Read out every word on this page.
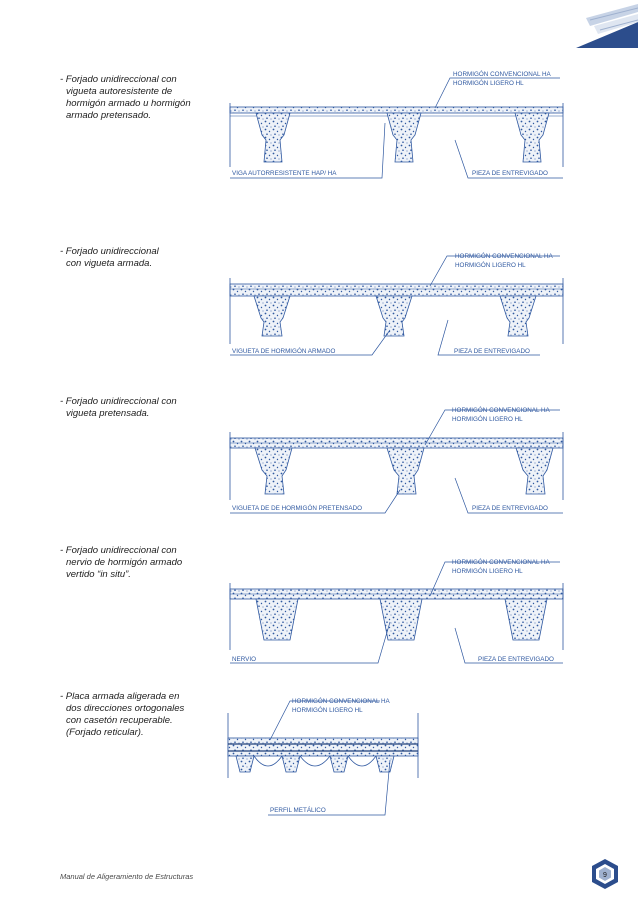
- Forjado unidireccional con
vigueta autoresistente de
hormigón armado u hormigón
armado pretensado.

- Forjado unidireccional
con vigueta armada.

- Forjado unidireccional con
vigueta pretensada.

- Forjado unidireccional con
nervio de hormigón armado
vertido “in situ”.

- Placa armada aligerada en
dos direcciones ortogonales
con casetón recuperable.
(Forjado reticular).

HORMIGÓN CONVENCIONAL HA
HORMIGÓN LIGERO HL
VIGA AUTORRESISTENTE HAP/ HA	PIEZA DE ENTREVIGADO
HORMIGÓN CONVENCIONAL HA
HORMIGÓN LIGERO HL
VIGUETA DE HORMIGÓN ARMADO	PIEZA DE ENTREVIGADO
HORMIGÓN CONVENCIONAL HA
HORMIGÓN LIGERO HL
VIGUETA DE DE HORMIGÓN PRETENSADO	PIEZA DE ENTREVIGADO
HORMIGÓN CONVENCIONAL HA
HORMIGÓN LIGERO HL
NERVIO	PIEZA DE ENTREVIGADO
HORMIGÓN CONVENCIONAL HA
HORMIGÓN LIGERO HL
PERFIL METÁLICO

Manual de Aligeramiento de Estructuras	9
